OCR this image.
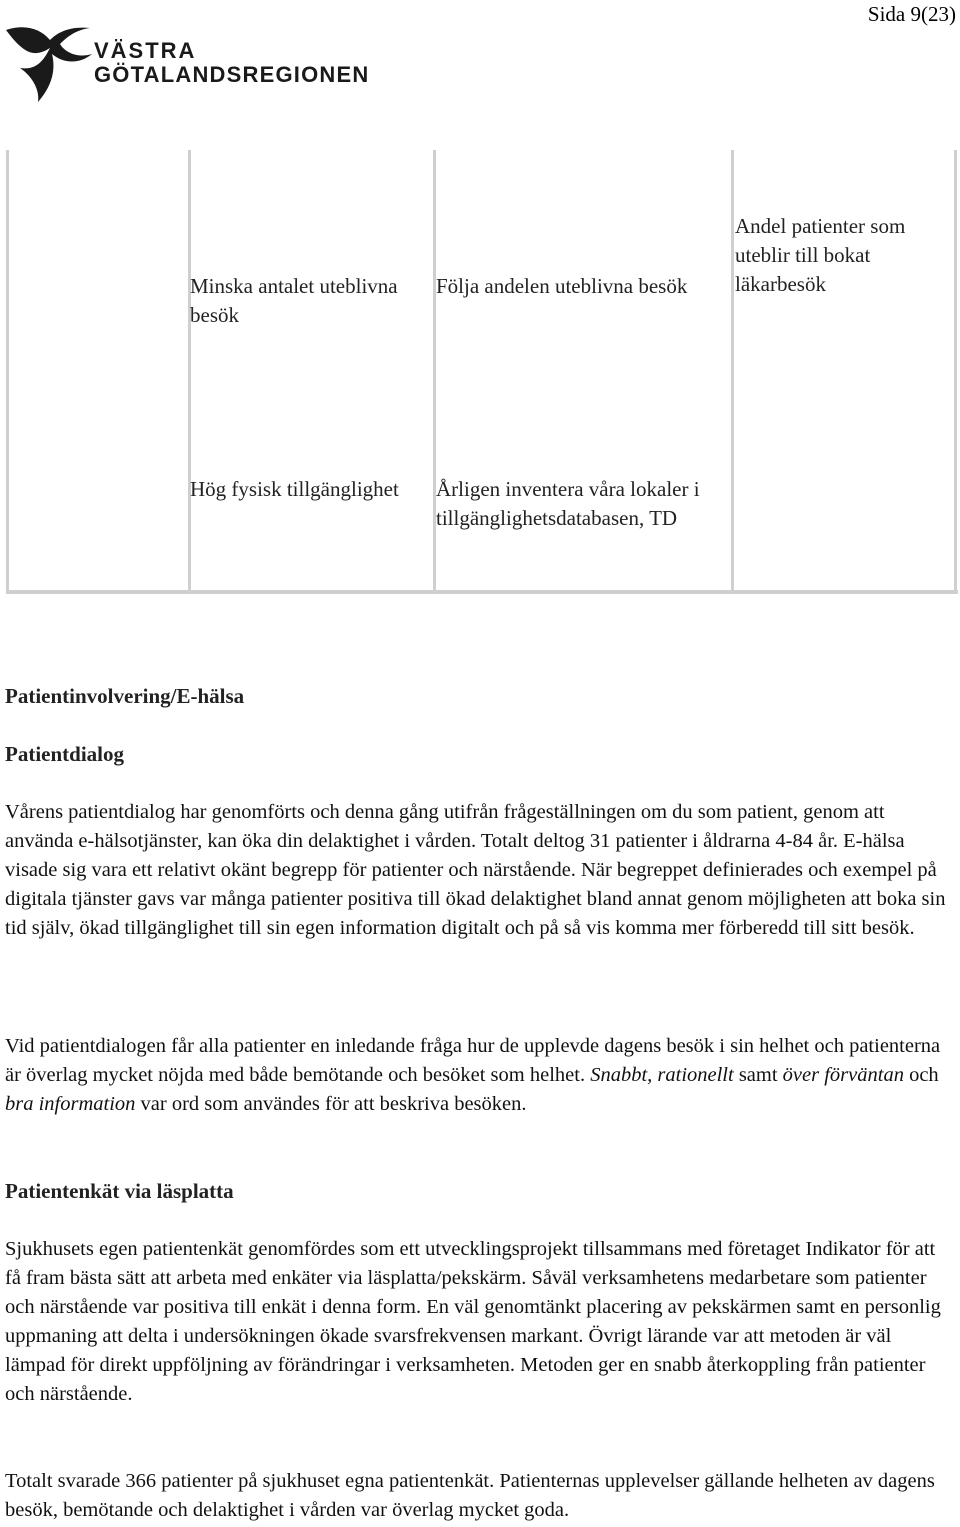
Sida 9(23)
VÄSTRA
GÖTALANDSREGIONEN
Minska antalet uteblivna besök
Följa andelen uteblivna besök
Andel patienter som uteblir till bokat läkarbesök
Hög fysisk tillgänglighet	Årligen inventera våra lokaler i tillgänglighetsdatabasen, TD
Patientinvolvering/E-hälsa
Patientdialog
Vårens patientdialog har genomförts och denna gång utifrån frågeställningen om du som patient, genom att använda e-hälsotjänster, kan öka din delaktighet i vården. Totalt deltog 31 patienter i åldrarna 4-84 år. E-hälsa visade sig vara ett relativt okänt begrepp för patienter och närstående. När begreppet definierades och exempel på digitala tjänster gavs var många patienter positiva till ökad delaktighet bland annat genom möjligheten att boka sin tid själv, ökad tillgänglighet till sin egen information digitalt och på så vis komma mer förberedd till sitt besök.
Vid patientdialogen får alla patienter en inledande fråga hur de upplevde dagens besök i sin helhet och patienterna är överlag mycket nöjda med både bemötande och besöket som helhet. Snabbt, rationellt samt över förväntan och bra information var ord som användes för att beskriva besöken.
Patientenkät via läsplatta
Sjukhusets egen patientenkät genomfördes som ett utvecklingsprojekt tillsammans med företaget Indikator för att få fram bästa sätt att arbeta med enkäter via läsplatta/pekskärm. Såväl verksamhetens medarbetare som patienter och närstående var positiva till enkät i denna form. En väl genomtänkt placering av pekskärmen samt en personlig uppmaning att delta i undersökningen ökade svarsfrekvensen markant. Övrigt lärande var att metoden är väl lämpad för direkt uppföljning av förändringar i verksamheten. Metoden ger en snabb återkoppling från patienter och närstående.
Totalt svarade 366 patienter på sjukhuset egna patientenkät. Patienternas upplevelser gällande helheten av dagens besök, bemötande och delaktighet i vården var överlag mycket goda.
